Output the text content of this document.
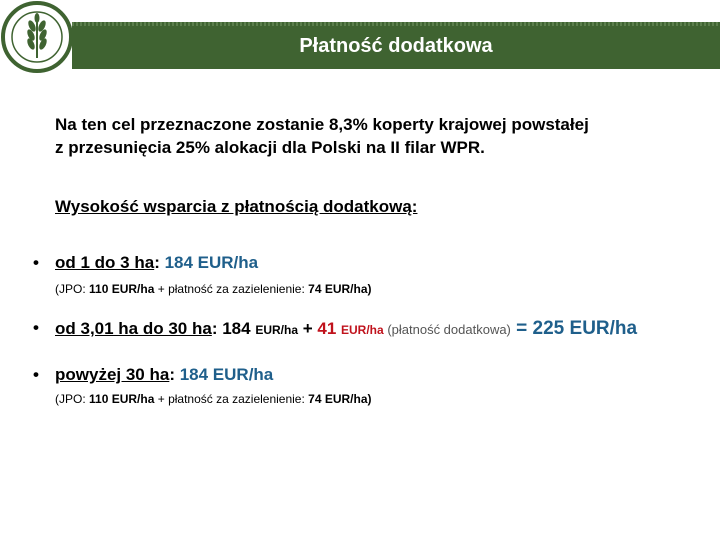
Płatność dodatkowa
Na ten cel przeznaczone zostanie 8,3% koperty krajowej powstałej
z przesunięcia 25% alokacji dla Polski na II filar WPR.
Wysokość wsparcia z płatnością dodatkową:
• od 1 do 3 ha: 184 EUR/ha
(JPO: 110 EUR/ha + płatność za zazielenienie: 74 EUR/ha)
• od 3,01 ha do 30 ha: 184 EUR/ha + 41 EUR/ha (płatność dodatkowa) = 225 EUR/ha
• powyżej 30 ha: 184 EUR/ha
(JPO: 110 EUR/ha + płatność za zazielenienie: 74 EUR/ha)
